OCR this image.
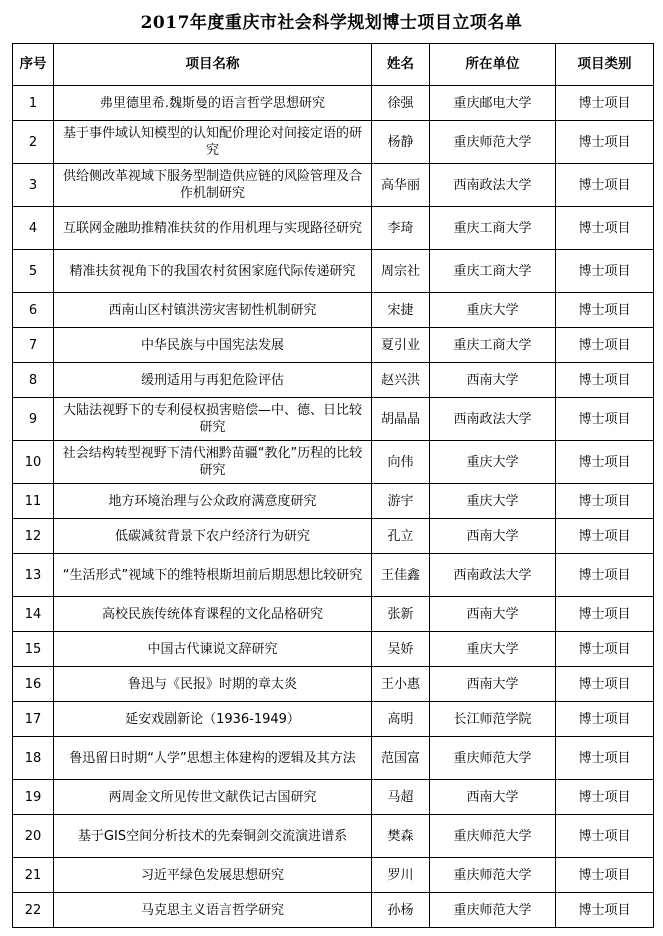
2017年度重庆市社会科学规划博士项目立项名单
序号	项目名称	姓名	所在单位	项目类别
1	弗里德里希.魏斯曼的语言哲学思想研究	徐强	重庆邮电大学	博士项目
2	基于事件域认知模型的认知配价理论对间接定语的研究	杨静	重庆师范大学	博士项目
3	供给侧改革视域下服务型制造供应链的风险管理及合作机制研究	高华丽	西南政法大学	博士项目
4	互联网金融助推精准扶贫的作用机理与实现路径研究	李琦	重庆工商大学	博士项目
5	精准扶贫视角下的我国农村贫困家庭代际传递研究	周宗社	重庆工商大学	博士项目
6	西南山区村镇洪涝灾害韧性机制研究	宋捷	重庆大学	博士项目
7	中华民族与中国宪法发展	夏引业	重庆工商大学	博士项目
8	缓刑适用与再犯危险评估	赵兴洪	西南大学	博士项目
9	大陆法视野下的专利侵权损害赔偿—中、德、日比较研究	胡晶晶	西南政法大学	博士项目
10	社会结构转型视野下清代湘黔苗疆“教化”历程的比较研究	向伟	重庆大学	博士项目
11	地方环境治理与公众政府满意度研究	游宇	重庆大学	博士项目
12	低碳减贫背景下农户经济行为研究	孔立	西南大学	博士项目
13	“生活形式”视域下的维特根斯坦前后期思想比较研究	王佳鑫	西南政法大学	博士项目
14	高校民族传统体育课程的文化品格研究	张新	西南大学	博士项目
15	中国古代谏说文辞研究	吴娇	重庆大学	博士项目
16	鲁迅与《民报》时期的章太炎	王小惠	西南大学	博士项目
17	延安戏剧新论（1936-1949）	高明	长江师范学院	博士项目
18	鲁迅留日时期“人学”思想主体建构的逻辑及其方法	范国富	重庆师范大学	博士项目
19	两周金文所见传世文献佚记古国研究	马超	西南大学	博士项目
20	基于GIS空间分析技术的先秦铜剑交流演进谱系	樊森	重庆师范大学	博士项目
21	习近平绿色发展思想研究	罗川	重庆师范大学	博士项目
22	马克思主义语言哲学研究	孙杨	重庆师范大学	博士项目
